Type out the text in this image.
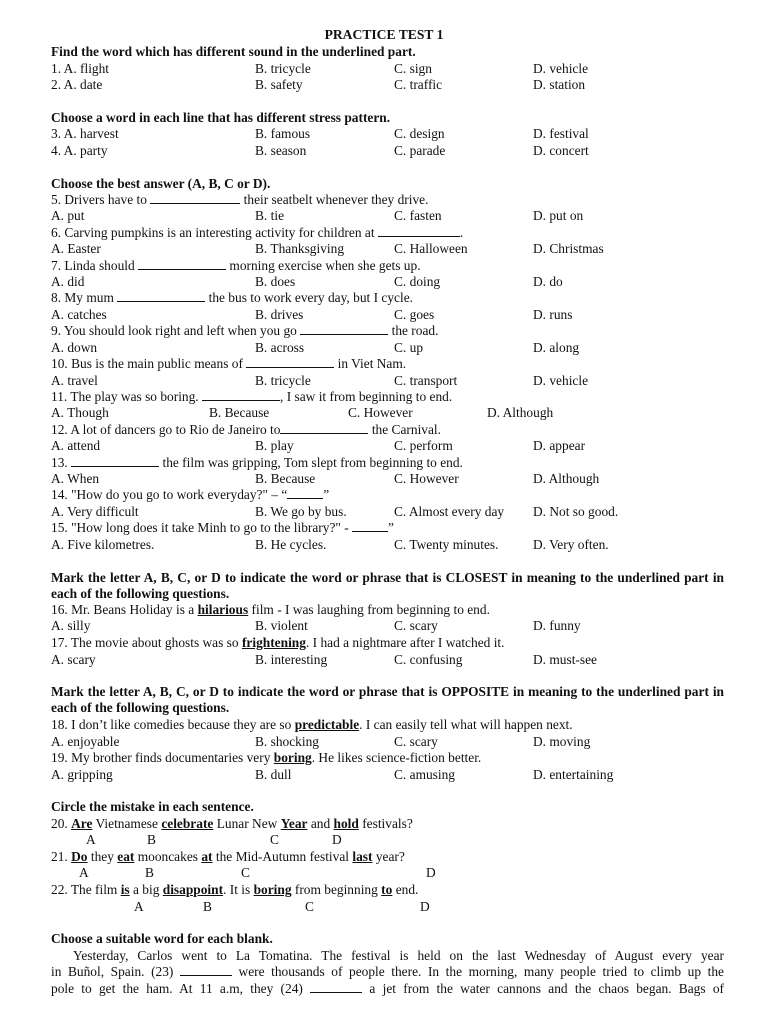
PRACTICE TEST 1
Find the word which has different sound in the underlined part.
1. A. flight	B. tricycle	C. sign	D. vehicle
2. A. date	B. safety	C. traffic	D. station
Choose a word in each line that has different stress pattern.
3. A. harvest	B. famous	C. design	D. festival
4. A. party	B. season	C. parade	D. concert
Choose the best answer (A, B, C or D).
5. Drivers have to	their seatbelt whenever they drive.
A. put	B. tie	C. fasten	D. put on
6. Carving pumpkins is an interesting activity for children at	.
A. Easter	B. Thanksgiving	C. Halloween	D. Christmas
7. Linda should	morning exercise when she gets up.
A. did	B. does	C. doing	D. do
8. My mum	the bus to work every day, but I cycle.
A. catches	B. drives	C. goes	D. runs
9. You should look right and left when you go	the road.
A. down	B. across	C. up	D. along
10. Bus is the main public means of	in Viet Nam.
A. travel	B. tricycle	C. transport	D. vehicle
11. The play was so boring.	, I saw it from beginning to end.
A. Though	B. Because	C. However	D. Although
12. A lot of dancers go to Rio de Janeiro to	the Carnival.
A. attend	B. play	C. perform	D. appear
13.	the film was gripping, Tom slept from beginning to end.
A. When	B. Because	C. However	D. Although
14. "How do you go to work everyday?" – “	”
A. Very difficult	B. We go by bus.	C. Almost every day D. Not so good.
15. "How long does it take Minh to go to the library?" -	”
A. Five kilometres.	B. He cycles.	C. Twenty minutes.	D. Very often.
Mark the letter A, B, C, or D to indicate the word or phrase that is CLOSEST in meaning to the underlined part in each of the following questions.
16. Mr. Beans Holiday is a hilarious film - I was laughing from beginning to end.
A. silly	B. violent	C. scary	D. funny
17. The movie about ghosts was so frightening. I had a nightmare after I watched it.
A. scary	B. interesting	C. confusing	D. must-see
Mark the letter A, B, C, or D to indicate the word or phrase that is OPPOSITE in meaning to the underlined part in each of the following questions.
18. I don’t like comedies because they are so predictable. I can easily tell what will happen next.
A. enjoyable	B. shocking	C. scary	D. moving
19. My brother finds documentaries very boring. He likes science-fiction better.
A. gripping	B. dull	C. amusing	D. entertaining
Circle the mistake in each sentence.
20. Are Vietnamese celebrate Lunar New Year and hold festivals?
A	B	C	D
21. Do they eat mooncakes at the Mid-Autumn festival last year?
A	B	C	D
22. The film is a big disappoint. It is boring from beginning to end.
A	B	C	D
Choose a suitable word for each blank.
Yesterday, Carlos went to La Tomatina. The festival is held on the last Wednesday of August every year
in Buñol, Spain. (23)	were thousands of people there. In the morning, many people tried to climb up the
pole to get the ham. At 11 a.m, they (24)	a jet from the water cannons and the chaos began. Bags of
